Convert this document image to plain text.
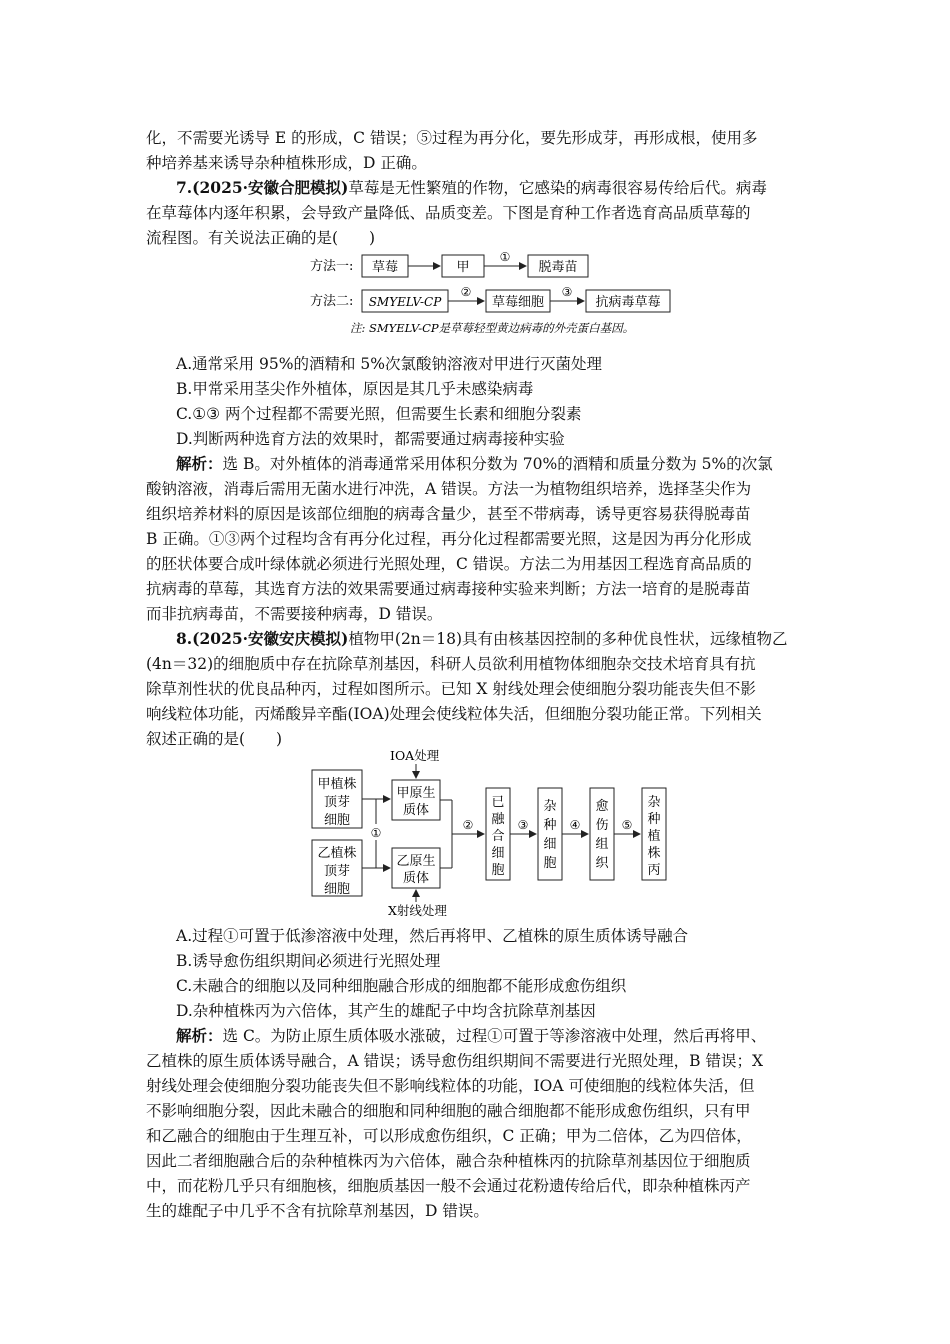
化，不需要光诱导 E 的形成，C 错误；⑤过程为再分化，要先形成芽，再形成根，使用多
种培养基来诱导杂种植株形成，D 正确。
7.(2025·安徽合肥模拟)草莓是无性繁殖的作物，它感染的病毒很容易传给后代。病毒
在草莓体内逐年积累，会导致产量降低、品质变差。下图是育种工作者选育高品质草莓的
流程图。有关说法正确的是(　　)
方法一: 草莓	甲
①
脱毒苗
方法二: SMYELV-CP
②
草莓细胞
③
抗病毒草莓
注: SMYELV-CP是草莓轻型黄边病毒的外壳蛋白基因。
A.通常采用 95%的酒精和 5%次氯酸钠溶液对甲进行灭菌处理
B.甲常采用茎尖作外植体，原因是其几乎未感染病毒
C.①③ 两个过程都不需要光照，但需要生长素和细胞分裂素
D.判断两种选育方法的效果时，都需要通过病毒接种实验
解析：选 B。对外植体的消毒通常采用体积分数为 70%的酒精和质量分数为 5%的次氯
酸钠溶液，消毒后需用无菌水进行冲洗，A 错误。方法一为植物组织培养，选择茎尖作为
组织培养材料的原因是该部位细胞的病毒含量少，甚至不带病毒，诱导更容易获得脱毒苗
B 正确。①③两个过程均含有再分化过程，再分化过程都需要光照，这是因为再分化形成
的胚状体要合成叶绿体就必须进行光照处理，C 错误。方法二为用基因工程选育高品质的
抗病毒的草莓，其选育方法的效果需要通过病毒接种实验来判断；方法一培育的是脱毒苗
而非抗病毒苗，不需要接种病毒，D 错误。
8.(2025·安徽安庆模拟)植物甲(2n＝18)具有由核基因控制的多种优良性状，远缘植物乙
(4n＝32)的细胞质中存在抗除草剂基因，科研人员欲利用植物体细胞杂交技术培育具有抗
除草剂性状的优良品种丙，过程如图所示。已知 X 射线处理会使细胞分裂功能丧失但不影
响线粒体功能，丙烯酸异辛酯(IOA)处理会使线粒体失活，但细胞分裂功能正常。下列相关
叙述正确的是(　　)
IOA处理
甲植株
顶芽
细胞
乙植株
顶芽
细胞
①
甲原生
质体
乙原生
质体
X射线处理
②
已
融
合
细
胞
③
杂
种
细
胞
④
愈
伤
组
织
⑤
杂
种
植
株
丙
A.过程①可置于低渗溶液中处理，然后再将甲、乙植株的原生质体诱导融合
B.诱导愈伤组织期间必须进行光照处理
C.未融合的细胞以及同种细胞融合形成的细胞都不能形成愈伤组织
D.杂种植株丙为六倍体，其产生的雄配子中均含抗除草剂基因
解析：选 C。为防止原生质体吸水涨破，过程①可置于等渗溶液中处理，然后再将甲、
乙植株的原生质体诱导融合，A 错误；诱导愈伤组织期间不需要进行光照处理，B 错误；X
射线处理会使细胞分裂功能丧失但不影响线粒体的功能，IOA 可使细胞的线粒体失活，但
不影响细胞分裂，因此未融合的细胞和同种细胞的融合细胞都不能形成愈伤组织，只有甲
和乙融合的细胞由于生理互补，可以形成愈伤组织，C 正确；甲为二倍体，乙为四倍体，
因此二者细胞融合后的杂种植株丙为六倍体，融合杂种植株丙的抗除草剂基因位于细胞质
中，而花粉几乎只有细胞核，细胞质基因一般不会通过花粉遗传给后代，即杂种植株丙产
生的雄配子中几乎不含有抗除草剂基因，D 错误。
